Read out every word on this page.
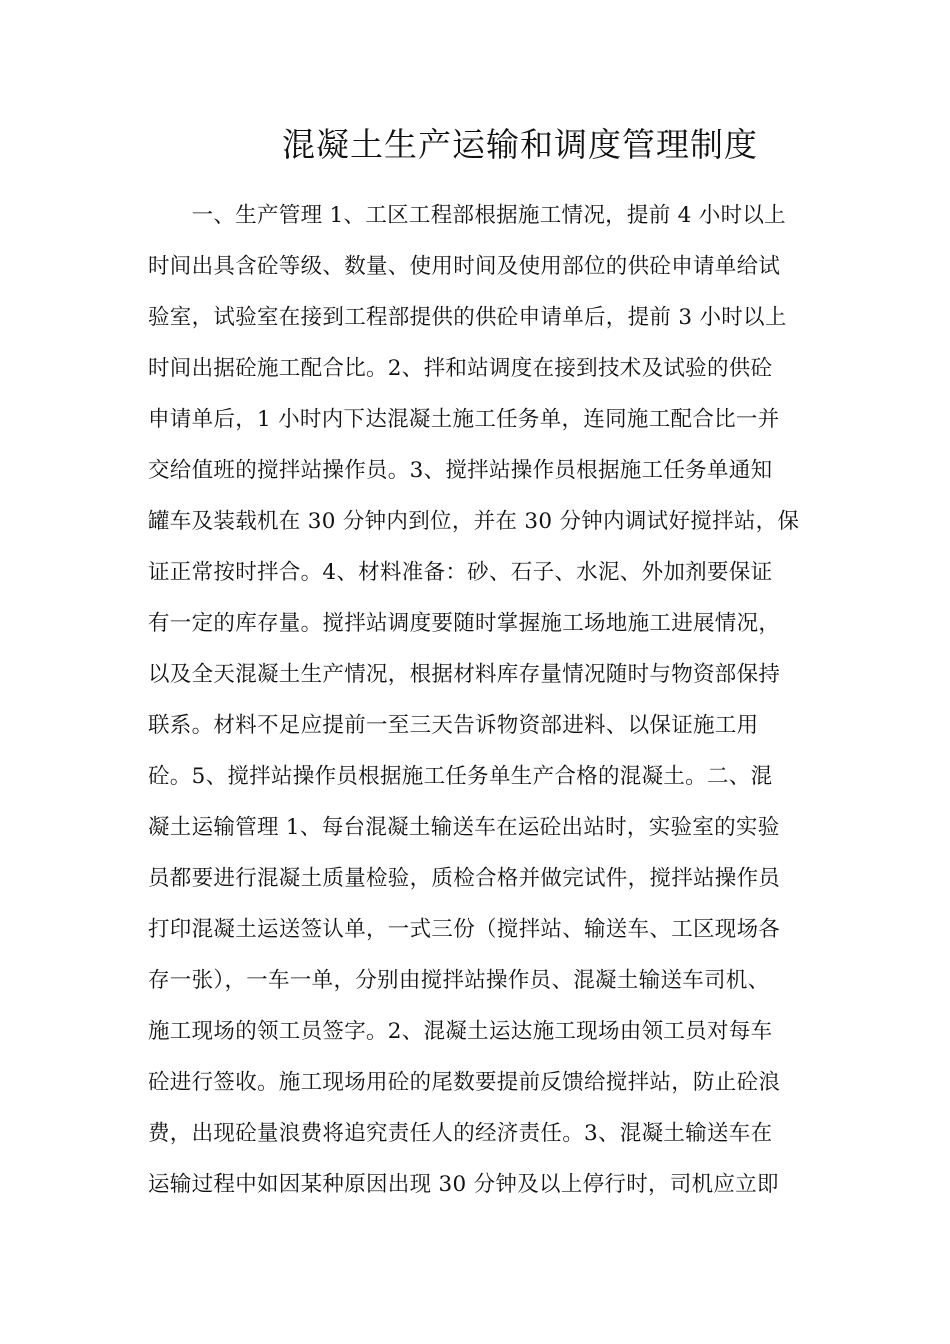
混凝土生产运输和调度管理制度
　　一、生产管理 1、工区工程部根据施工情况，提前 4 小时以上
时间出具含砼等级、数量、使用时间及使用部位的供砼申请单给试
验室，试验室在接到工程部提供的供砼申请单后，提前 3 小时以上
时间出据砼施工配合比。2、拌和站调度在接到技术及试验的供砼
申请单后，1 小时内下达混凝土施工任务单，连同施工配合比一并
交给值班的搅拌站操作员。3、搅拌站操作员根据施工任务单通知
罐车及装载机在 30 分钟内到位，并在 30 分钟内调试好搅拌站，保
证正常按时拌合。4、材料准备：砂、石子、水泥、外加剂要保证
有一定的库存量。搅拌站调度要随时掌握施工场地施工进展情况，
以及全天混凝土生产情况，根据材料库存量情况随时与物资部保持
联系。材料不足应提前一至三天告诉物资部进料、以保证施工用
砼。5、搅拌站操作员根据施工任务单生产合格的混凝土。二、混
凝土运输管理 1、每台混凝土输送车在运砼出站时，实验室的实验
员都要进行混凝土质量检验，质检合格并做完试件，搅拌站操作员
打印混凝土运送签认单，一式三份（搅拌站、输送车、工区现场各
存一张），一车一单，分别由搅拌站操作员、混凝土输送车司机、
施工现场的领工员签字。2、混凝土运达施工现场由领工员对每车
砼进行签收。施工现场用砼的尾数要提前反馈给搅拌站，防止砼浪
费，出现砼量浪费将追究责任人的经济责任。3、混凝土输送车在
运输过程中如因某种原因出现 30 分钟及以上停行时，司机应立即
